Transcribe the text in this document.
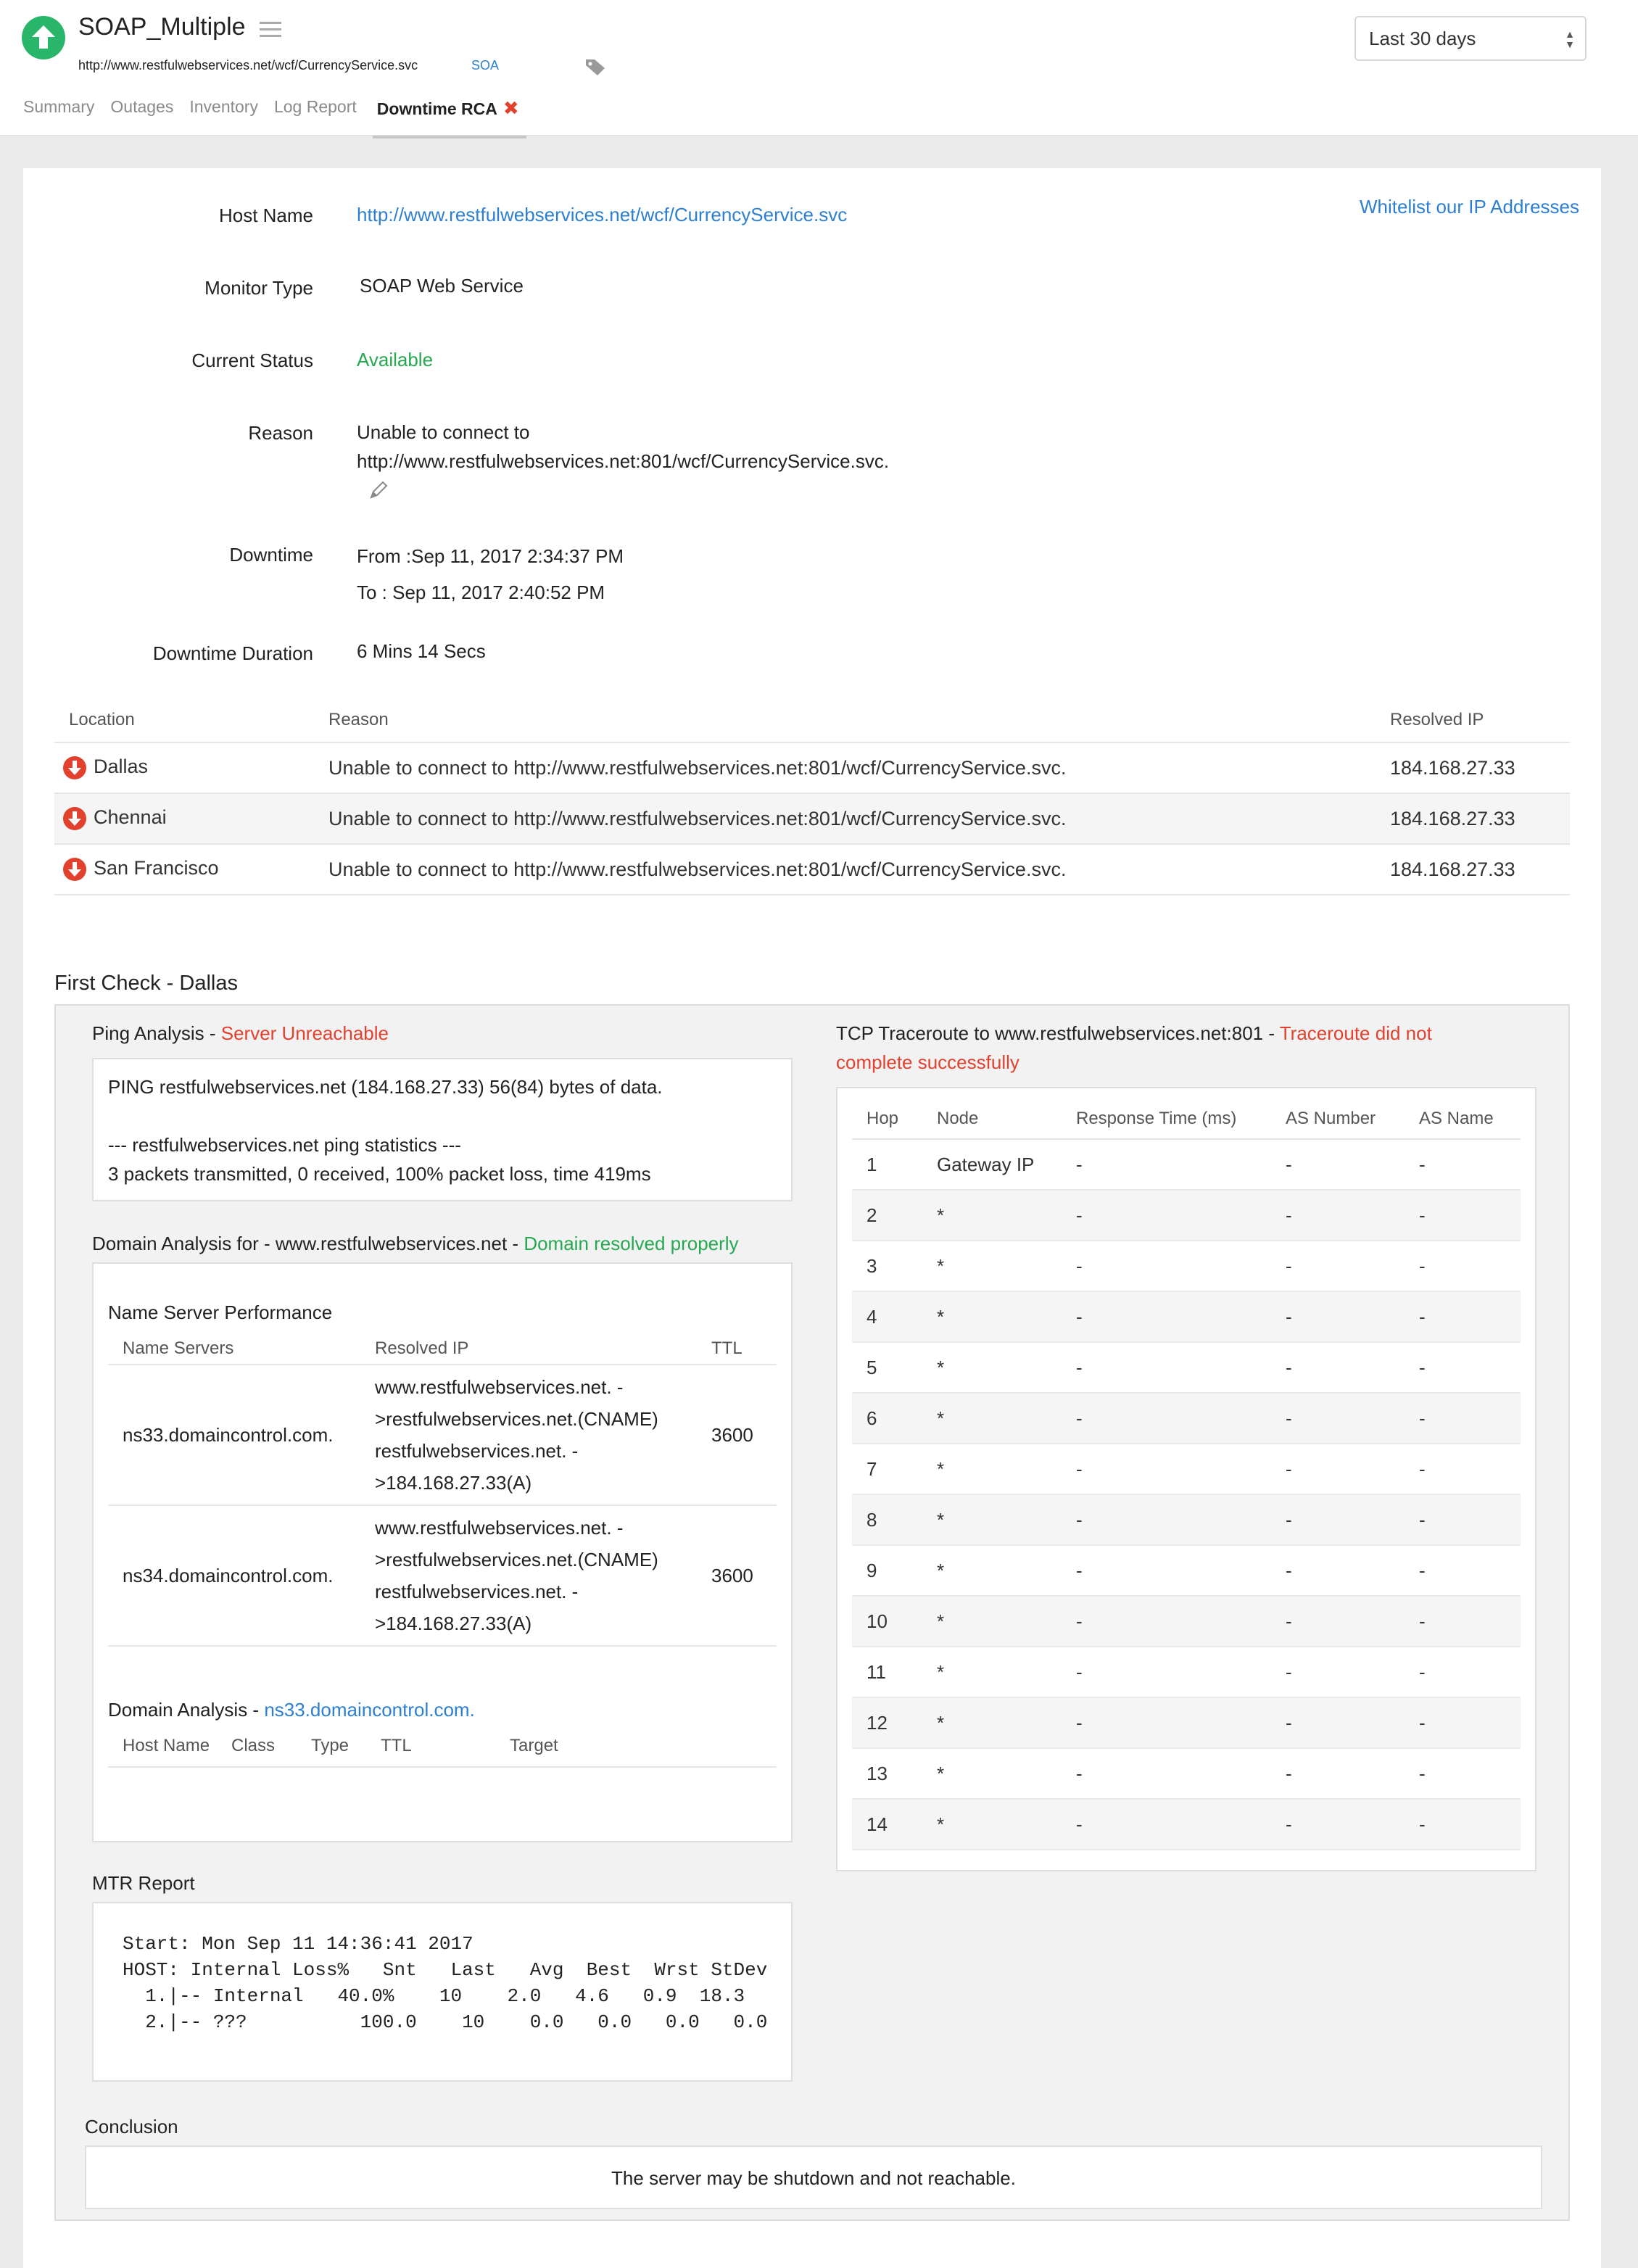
SOAP_Multiple
http://www.restfulwebservices.net/wcf/CurrencyService.svc	SOA
Last 30 days	▲
▼
Summary Outages Inventory Log Report Downtime RCA ✖
Whitelist our IP Addresses
Host Name http://www.restfulwebservices.net/wcf/CurrencyService.svc
Monitor Type SOAP Web Service
Current Status Available
Reason Unable to connect to
http://www.restfulwebservices.net:801/wcf/CurrencyService.svc.
Downtime From :Sep 11, 2017 2:34:37 PM
To : Sep 11, 2017 2:40:52 PM
Downtime Duration 6 Mins 14 Secs
Location	Reason	Resolved IP
Dallas	Unable to connect to http://www.restfulwebservices.net:801/wcf/CurrencyService.svc.	184.168.27.33
Chennai	Unable to connect to http://www.restfulwebservices.net:801/wcf/CurrencyService.svc.	184.168.27.33
San Francisco	Unable to connect to http://www.restfulwebservices.net:801/wcf/CurrencyService.svc.	184.168.27.33
First Check - Dallas
Ping Analysis - Server Unreachable
PING restfulwebservices.net (184.168.27.33) 56(84) bytes of data.
--- restfulwebservices.net ping statistics ---
3 packets transmitted, 0 received, 100% packet loss, time 419ms
Domain Analysis for - www.restfulwebservices.net - Domain resolved properly
Name Server Performance
Name Servers	Resolved IP	TTL
ns33.domaincontrol.com.	www.restfulwebservices.net. -
>restfulwebservices.net.(CNAME)
restfulwebservices.net. -
>184.168.27.33(A)	3600
ns34.domaincontrol.com.	www.restfulwebservices.net. -
>restfulwebservices.net.(CNAME)
restfulwebservices.net. -
>184.168.27.33(A)	3600
Domain Analysis - ns33.domaincontrol.com.
Host Name	Class	Type	TTL	Target
MTR Report
Start: Mon Sep 11 14:36:41 2017
HOST: Internal Loss%   Snt   Last   Avg  Best  Wrst StDev
1.|-- Internal   40.0%    10    2.0   4.6   0.9  18.3
2.|-- ???          100.0    10    0.0   0.0   0.0   0.0
Conclusion
The server may be shutdown and not reachable.
TCP Traceroute to www.restfulwebservices.net:801 - Traceroute did not
complete successfully
Hop	Node	Response Time (ms)	AS Number	AS Name
1	Gateway IP	-	-	-
2	*	-	-	-
3	*	-	-	-
4	*	-	-	-
5	*	-	-	-
6	*	-	-	-
7	*	-	-	-
8	*	-	-	-
9	*	-	-	-
10	*	-	-	-
11	*	-	-	-
12	*	-	-	-
13	*	-	-	-
14	*	-	-	-
